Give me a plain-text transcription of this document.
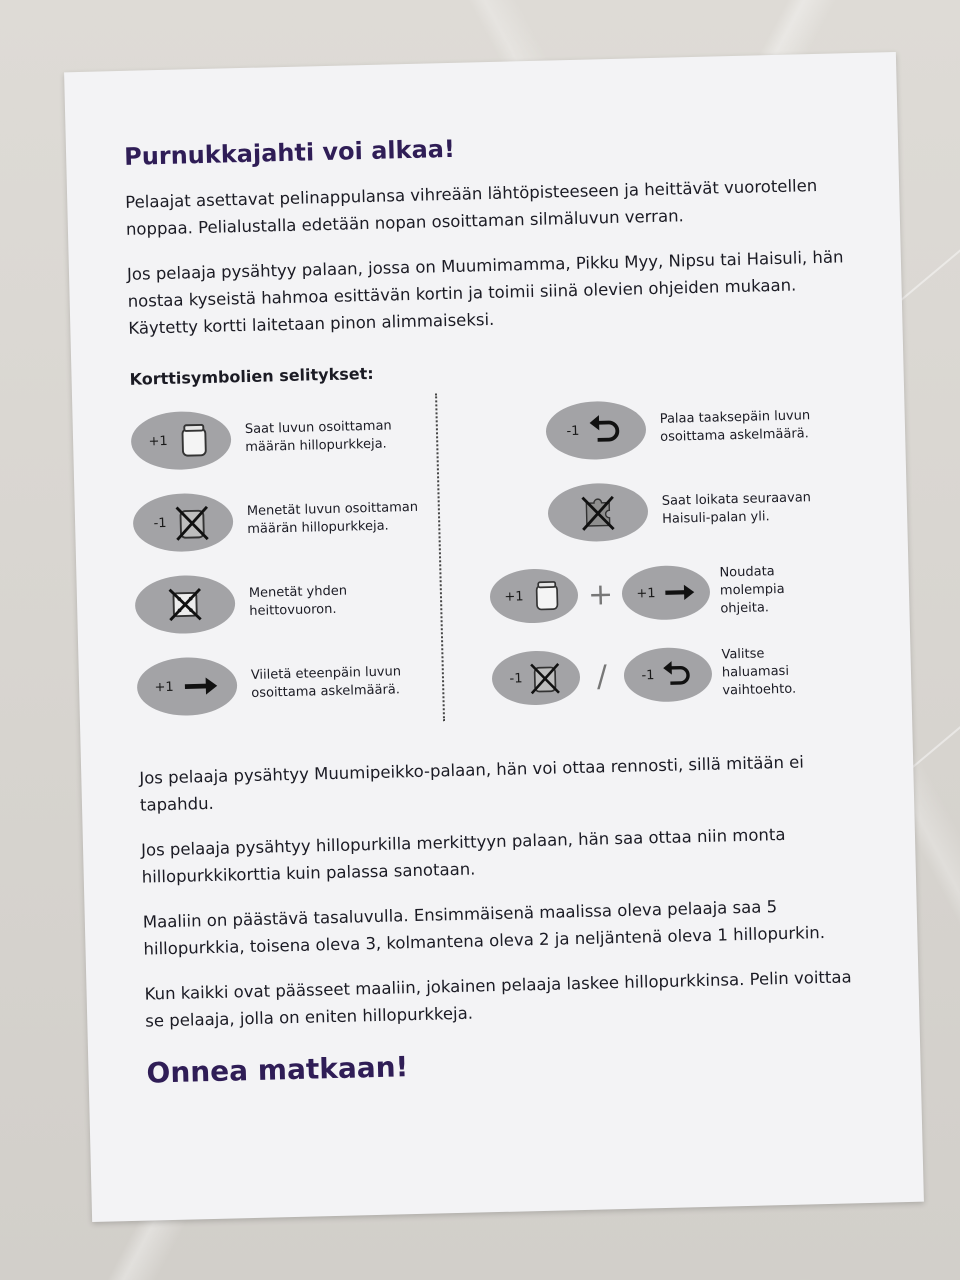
Purnukkajahti voi alkaa!

Pelaajat asettavat pelinappulansa vihreään lähtöpisteeseen ja heittävät vuorotellen noppaa. Pelialustalla edetään nopan osoittaman silmäluvun verran.

Jos pelaaja pysähtyy palaan, jossa on Muumimamma, Pikku Myy, Nipsu tai Haisuli, hän nostaa kyseistä hahmoa esittävän kortin ja toimii siinä olevien ohjeiden mukaan. Käytetty kortti laitetaan pinon alimmaiseksi.

Korttisymbolien selitykset:
+1
Saat luvun osoittaman määrän hillopurkkeja.
-1
Menetät luvun osoittaman määrän hillopurkkeja.
Menetät yhden heittovuoron.
+1
Viiletä eteenpäin luvun osoittama askelmäärä.
-1
Palaa taaksepäin luvun osoittama askelmäärä.
Saat loikata seuraavan Haisuli-palan yli.
+1 + +1
Noudata molempia ohjeita.
-1 /	-1
Valitse haluamasi vaihtoehto.

Jos pelaaja pysähtyy Muumipeikko-palaan, hän voi ottaa rennosti, sillä mitään ei tapahdu.

Jos pelaaja pysähtyy hillopurkilla merkittyyn palaan, hän saa ottaa niin monta hillopurkkikorttia kuin palassa sanotaan.

Maaliin on päästävä tasaluvulla. Ensimmäisenä maalissa oleva pelaaja saa 5 hillopurkkia, toisena oleva 3, kolmantena oleva 2 ja neljäntenä oleva 1 hillopurkin.

Kun kaikki ovat päässeet maaliin, jokainen pelaaja laskee hillopurkkinsa. Pelin voittaa se pelaaja, jolla on eniten hillopurkkeja.

Onnea matkaan!
